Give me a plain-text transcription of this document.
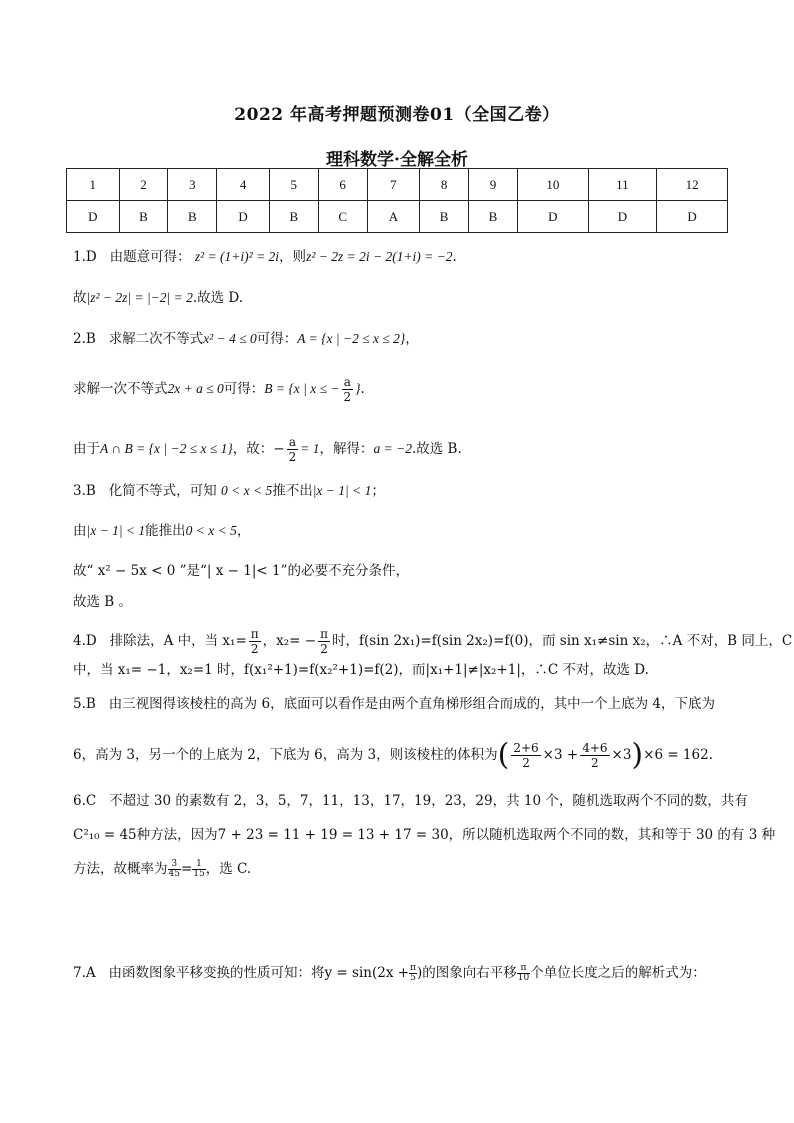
2022 年高考押题预测卷01（全国乙卷）
理科数学·全解全析
1	2	3	4	5	6	7	8	9	10	11	12
D	B	B	D	B	C	A	B	B	D	D	D
1.D 由题意可得： z² = (1+i)² = 2i，则z² − 2z = 2i − 2(1+i) = −2.
故|z² − 2z| = |−2| = 2.故选 D.
2.B 求解二次不等式x² − 4 ≤ 0可得：A = {x | −2 ≤ x ≤ 2}，
求解一次不等式2x + a ≤ 0可得：B = {x | x ≤ − $\frac{a}{2}$ }.
由于A ∩ B = {x | −2 ≤ x ≤ 1}，故：− $\frac{a}{2} = 1$，解得：a = −2.故选 B.
3.B 化简不等式，可知 0 < x < 5推不出|x − 1| < 1；
由|x − 1| < 1能推出0 < x < 5，
故“ x² − 5x < 0 ”是“| x − 1|< 1”的必要不充分条件，
故选 B 。
4.D 排除法，A 中，当 $x_1= \frac{\pi}{2}$ ，$x_2= - \frac{\pi}{2}$ 时，f(sin 2x₁)=f(sin 2x₂)=f(0)，而 sin x₁≠sin x₂，∴A 不对，B 同上，C
中，当 x₁= −1，x₂=1 时，f(x₁²+1)=f(x₂²+1)=f(2)，而|x₁+1|≠|x₂+1|，∴C 不对，故选 D.
5.B 由三视图得该棱柱的高为 6，底面可以看作是由两个直角梯形组合而成的，其中一个上底为 4，下底为
6，高为 3，另一个的上底为 2，下底为 6，高为 3，则该棱柱的体积为( $\frac{2+6}{2} \times 3 + \frac{4+6}{2} \times 3)\times 6 = 162$.
6.C 不超过 30 的素数有 2，3，5，7，11，13，17，19，23，29，共 10 个，随机选取两个不同的数，共有
C²₁₀ = 45种方法，因为7 + 23 = 11 + 19 = 13 + 17 = 30，所以随机选取两个不同的数，其和等于 30 的有 3 种
方法，故概率为 $\frac{3}{45} = \frac{1}{15}$ ，选 C.
7.A 由函数图象平移变换的性质可知：将$y = \sin(2x + \frac{\pi}{5}$ )的图象向右平移 $\frac{\pi}{10}$ 个单位长度之后的解析式为：
